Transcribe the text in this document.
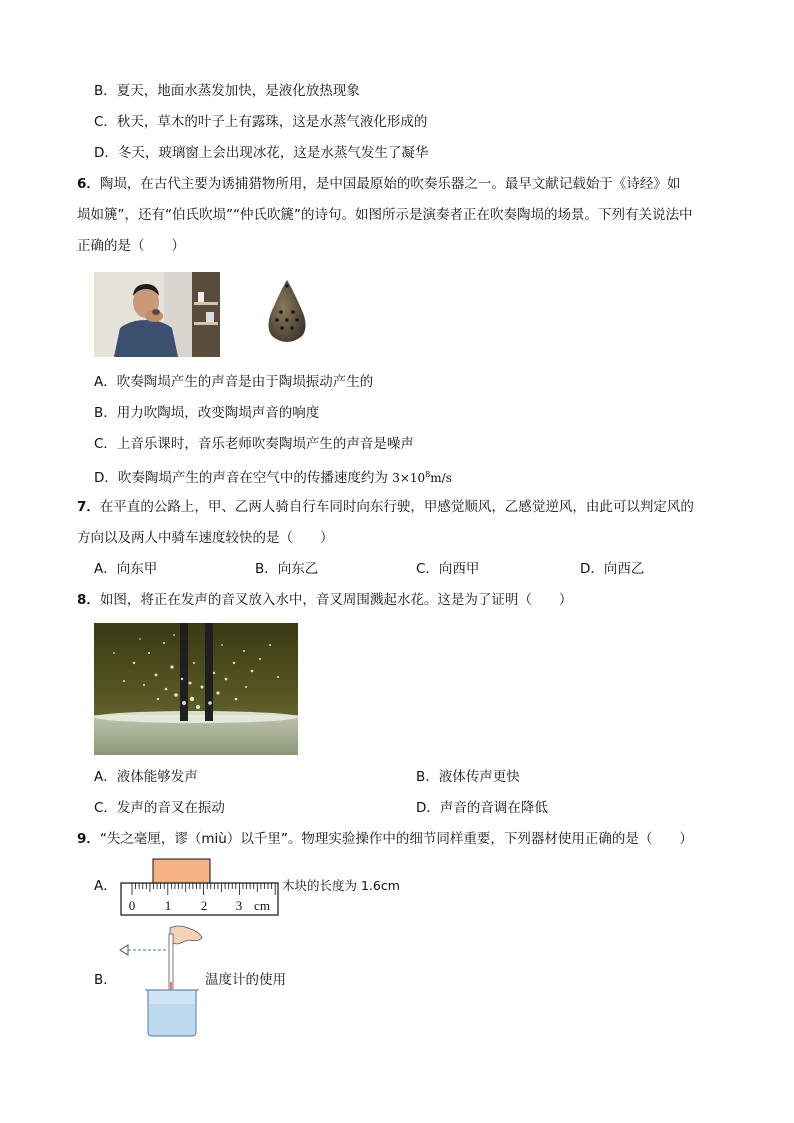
B．夏天，地面水蒸发加快，是液化放热现象
C．秋天，草木的叶子上有露珠，这是水蒸气液化形成的
D．冬天，玻璃窗上会出现冰花，这是水蒸气发生了凝华
6．陶埙，在古代主要为诱捕猎物所用，是中国最原始的吹奏乐器之一。最早文献记载始于《诗经》如
埙如篪”，还有“伯氏吹埙”“仲氏吹篪”的诗句。如图所示是演奏者正在吹奏陶埙的场景。下列有关说法中
正确的是（　　）
A．吹奏陶埙产生的声音是由于陶埙振动产生的
B．用力吹陶埙，改变陶埙声音的响度
C．上音乐课时，音乐老师吹奏陶埙产生的声音是噪声
D．吹奏陶埙产生的声音在空气中的传播速度约为 $3\times 10^8m/s$
7．在平直的公路上，甲、乙两人骑自行车同时向东行驶，甲感觉顺风，乙感觉逆风，由此可以判定风的
方向以及两人中骑车速度较快的是（　　）
A．向东甲	B．向东乙	C．向西甲	D．向西乙
8．如图，将正在发声的音叉放入水中，音叉周围溅起水花。这是为了证明（　　）
A．液体能够发声	B．液体传声更快
C．发声的音叉在振动	D．声音的音调在降低
9．“失之毫厘，谬（miù）以千里”。物理实验操作中的细节同样重要，下列器材使用正确的是（　　）
A．
0 1 2 3 cm
木块的长度为 1.6cm
B．	温度计的使用
